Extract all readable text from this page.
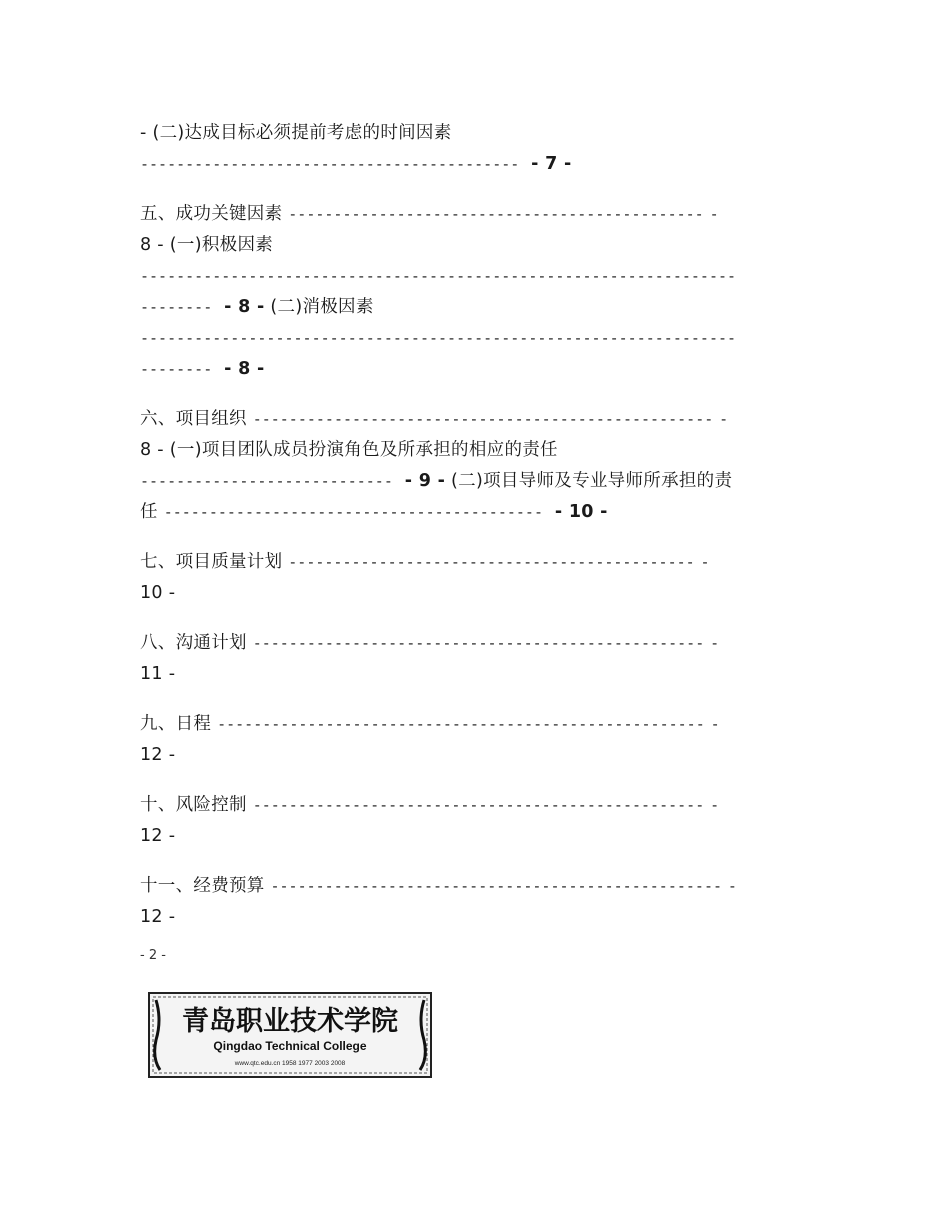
- (二)达成目标必须提前考虑的时间因素
------------------------------------------ - 7 -
五、成功关键因素 ---------------------------------------------- -
8 - (一)积极因素
------------------------------------------------------------------
-------- - 8 - (二)消极因素
------------------------------------------------------------------
-------- - 8 -
六、项目组织 --------------------------------------------------- -
8 - (一)项目团队成员扮演角色及所承担的相应的责任
---------------------------- - 9 - (二)项目导师及专业导师所承担的责
任 ------------------------------------------ - 10 -
七、项目质量计划 --------------------------------------------- -
10 -
八、沟通计划 -------------------------------------------------- -
11 -
九、日程 ------------------------------------------------------ -
12 -
十、风险控制 -------------------------------------------------- -
12 -
十一、经费预算 -------------------------------------------------- -
12 -
- 2 -
青岛职业技术学院
Qingdao Technical College
www.qtc.edu.cn 1958 1977 2003 2008
